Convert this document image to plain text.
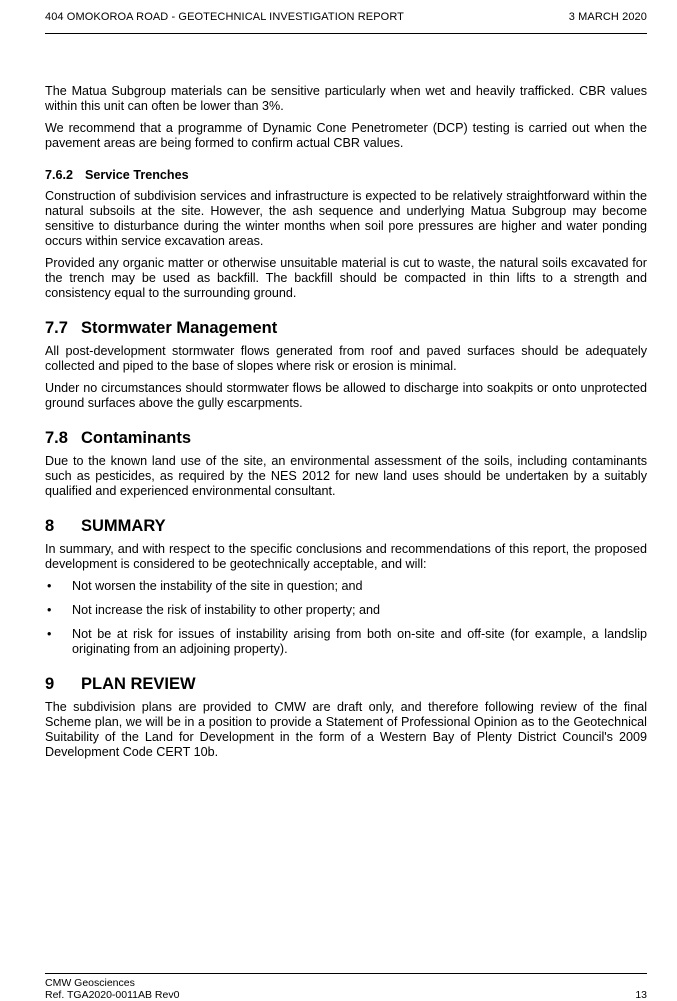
404 OMOKOROA ROAD - GEOTECHNICAL INVESTIGATION REPORT	3 MARCH 2020

The Matua Subgroup materials can be sensitive particularly when wet and heavily trafficked. CBR values within this unit can often be lower than 3%.

We recommend that a programme of Dynamic Cone Penetrometer (DCP) testing is carried out when the pavement areas are being formed to confirm actual CBR values.

7.6.2 Service Trenches

Construction of subdivision services and infrastructure is expected to be relatively straightforward within the natural subsoils at the site. However, the ash sequence and underlying Matua Subgroup may become sensitive to disturbance during the winter months when soil pore pressures are higher and water ponding occurs within service excavation areas.

Provided any organic matter or otherwise unsuitable material is cut to waste, the natural soils excavated for the trench may be used as backfill. The backfill should be compacted in thin lifts to a strength and consistency equal to the surrounding ground.

7.7 Stormwater Management

All post-development stormwater flows generated from roof and paved surfaces should be adequately collected and piped to the base of slopes where risk or erosion is minimal.

Under no circumstances should stormwater flows be allowed to discharge into soakpits or onto unprotected ground surfaces above the gully escarpments.

7.8 Contaminants

Due to the known land use of the site, an environmental assessment of the soils, including contaminants such as pesticides, as required by the NES 2012 for new land uses should be undertaken by a suitably qualified and experienced environmental consultant.

8 SUMMARY

In summary, and with respect to the specific conclusions and recommendations of this report, the proposed development is considered to be geotechnically acceptable, and will:

• Not worsen the instability of the site in question; and
• Not increase the risk of instability to other property; and
• Not be at risk for issues of instability arising from both on-site and off-site (for example, a landslip originating from an adjoining property).
9 PLAN REVIEW

The subdivision plans are provided to CMW are draft only, and therefore following review of the final Scheme plan, we will be in a position to provide a Statement of Professional Opinion as to the Geotechnical Suitability of the Land for Development in the form of a Western Bay of Plenty District Council's 2009 Development Code CERT 10b.

CMW Geosciences
Ref. TGA2020-0011AB Rev0	13
